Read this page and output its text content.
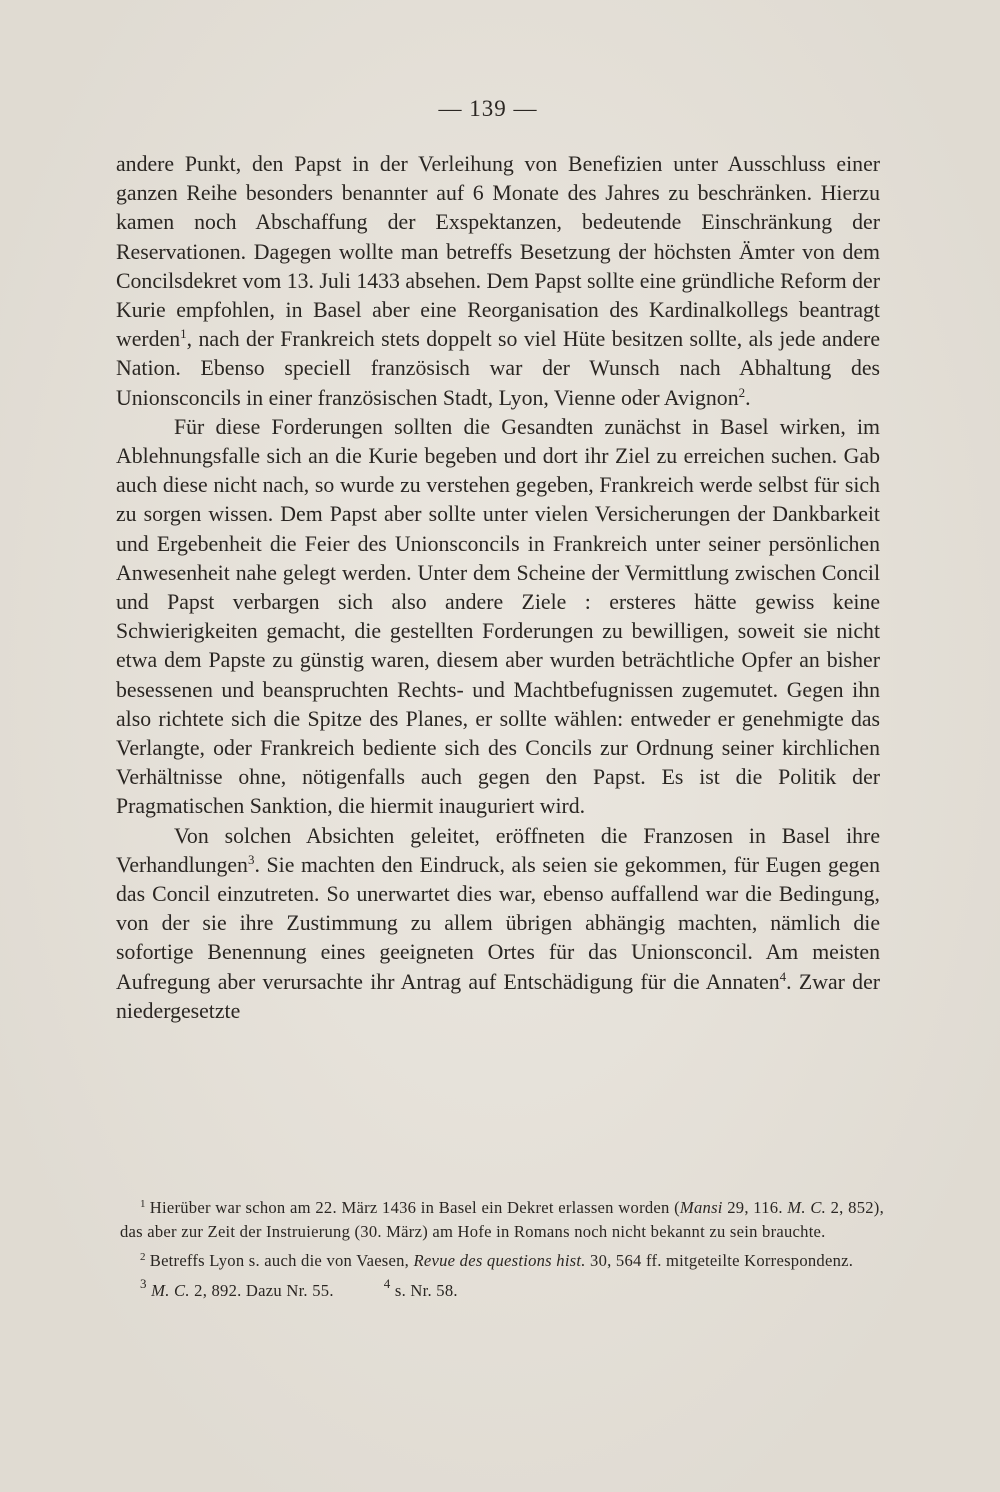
— 139 —

andere Punkt, den Papst in der Verleihung von Benefizien unter Ausschluss einer ganzen Reihe besonders benannter auf 6 Monate des Jahres zu beschränken. Hierzu kamen noch Abschaffung der Exspektanzen, bedeutende Einschränkung der Reservationen. Dagegen wollte man betreffs Besetzung der höchsten Ämter von dem Concilsdekret vom 13. Juli 1433 absehen. Dem Papst sollte eine gründliche Reform der Kurie empfohlen, in Basel aber eine Reorganisation des Kardinalkollegs beantragt werden$^1$, nach der Frankreich stets doppelt so viel Hüte besitzen sollte, als jede andere Nation. Ebenso speciell französisch war der Wunsch nach Abhaltung des Unionsconcils in einer französischen Stadt, Lyon, Vienne oder Avignon$^2$.

Für diese Forderungen sollten die Gesandten zunächst in Basel wirken, im Ablehnungsfalle sich an die Kurie begeben und dort ihr Ziel zu erreichen suchen. Gab auch diese nicht nach, so wurde zu verstehen gegeben, Frankreich werde selbst für sich zu sorgen wissen. Dem Papst aber sollte unter vielen Versicherungen der Dankbarkeit und Ergebenheit die Feier des Unionsconcils in Frankreich unter seiner persönlichen Anwesenheit nahe gelegt werden. Unter dem Scheine der Vermittlung zwischen Concil und Papst verbargen sich also andere Ziele : ersteres hätte gewiss keine Schwierigkeiten gemacht, die gestellten Forderungen zu bewilligen, soweit sie nicht etwa dem Papste zu günstig waren, diesem aber wurden beträchtliche Opfer an bisher besessenen und beanspruchten Rechts- und Machtbefugnissen zugemutet. Gegen ihn also richtete sich die Spitze des Planes, er sollte wählen: entweder er genehmigte das Verlangte, oder Frankreich bediente sich des Concils zur Ordnung seiner kirchlichen Verhältnisse ohne, nötigenfalls auch gegen den Papst. Es ist die Politik der Pragmatischen Sanktion, die hiermit inauguriert wird.

Von solchen Absichten geleitet, eröffneten die Franzosen in Basel ihre Verhandlungen$^3$. Sie machten den Eindruck, als seien sie gekommen, für Eugen gegen das Concil einzutreten. So unerwartet dies war, ebenso auffallend war die Bedingung, von der sie ihre Zustimmung zu allem übrigen abhängig machten, nämlich die sofortige Benennung eines geeigneten Ortes für das Unionsconcil. Am meisten Aufregung aber verursachte ihr Antrag auf Entschädigung für die Annaten$^4$. Zwar der niedergesetzte

$^1$ Hierüber war schon am 22. März 1436 in Basel ein Dekret erlassen worden (Mansi 29, 116. M. C. 2, 852), das aber zur Zeit der Instruierung (30. März) am Hofe in Romans noch nicht bekannt zu sein brauchte.

$^2$ Betreffs Lyon s. auch die von Vaesen, Revue des questions hist. 30, 564 ff. mitgeteilte Korrespondenz.

$^3$ M. C. 2, 892. Dazu Nr. 55.	$^4$ s. Nr. 58.
